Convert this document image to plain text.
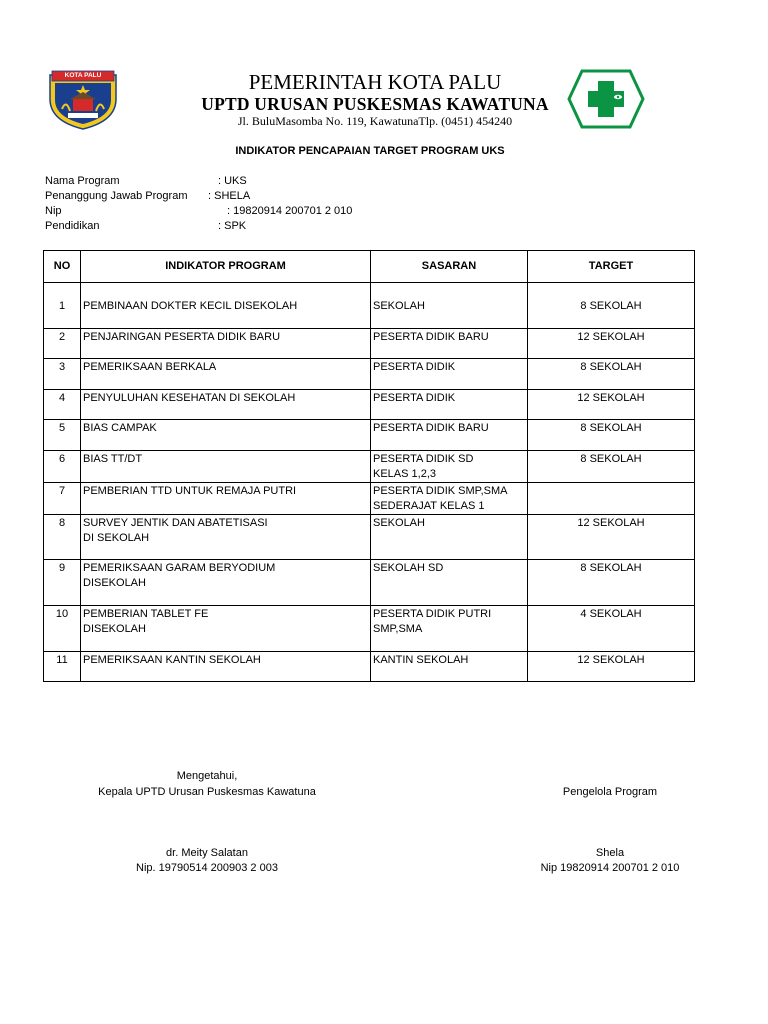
KOTA PALU	PEMERINTAH KOTA PALU
UPTD URUSAN PUSKESMAS KAWATUNA
Jl. BuluMasomba No. 119, KawatunaTlp. (0451) 454240
INDIKATOR PENCAPAIAN TARGET PROGRAM UKS
Nama Program	: UKS
Penanggung Jawab Program : SHELA
Nip	: 19820914 200701 2 010
Pendidikan	: SPK
NO	INDIKATOR PROGRAM	SASARAN	TARGET
1	PEMBINAAN DOKTER KECIL DISEKOLAH	SEKOLAH	8 SEKOLAH
2	PENJARINGAN PESERTA DIDIK BARU	PESERTA DIDIK BARU	12 SEKOLAH
3	PEMERIKSAAN BERKALA	PESERTA DIDIK	8 SEKOLAH
4	PENYULUHAN KESEHATAN DI SEKOLAH	PESERTA DIDIK	12 SEKOLAH
5	BIAS CAMPAK	PESERTA DIDIK BARU	8 SEKOLAH
6	BIAS TT/DT	PESERTA DIDIK SD
KELAS 1,2,3	8 SEKOLAH
7	PEMBERIAN TTD UNTUK REMAJA PUTRI	PESERTA DIDIK SMP,SMA
SEDERAJAT KELAS 1	

8	SURVEY JENTIK DAN ABATETISASI
DI SEKOLAH	SEKOLAH	12 SEKOLAH
9	PEMERIKSAAN GARAM BERYODIUM
DISEKOLAH	SEKOLAH SD	8 SEKOLAH
10	PEMBERIAN TABLET FE
DISEKOLAH	PESERTA DIDIK PUTRI
SMP,SMA	4 SEKOLAH
11	PEMERIKSAAN KANTIN SEKOLAH	KANTIN SEKOLAH	12 SEKOLAH
Mengetahui,
Kepala UPTD Urusan Puskesmas Kawatuna
dr. Meity Salatan
Nip. 19790514 200903 2 003
Pengelola Program
Shela
Nip 19820914 200701 2 010
